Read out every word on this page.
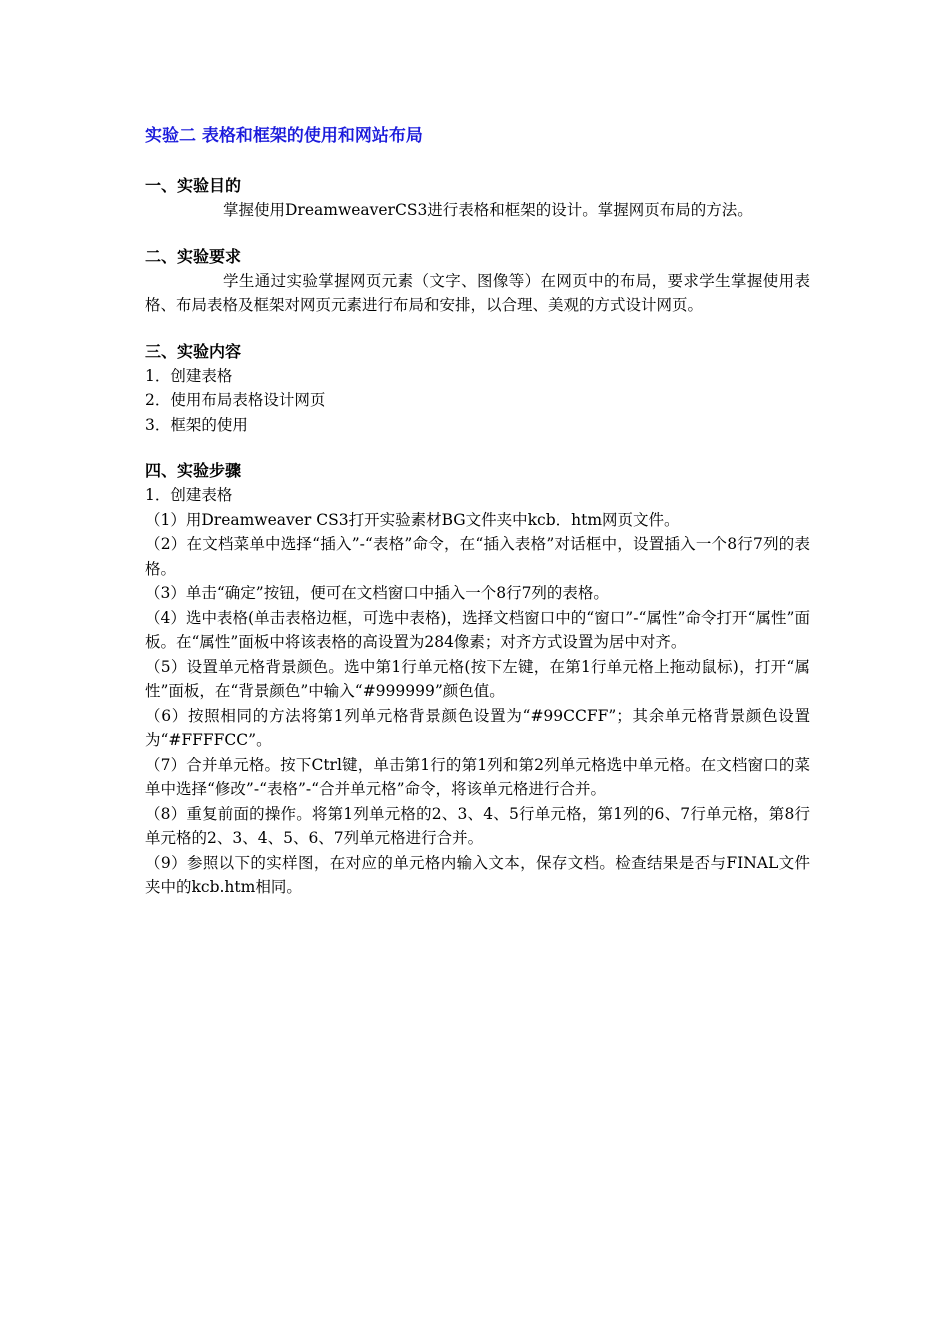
实验二 表格和框架的使用和网站布局
一、实验目的

掌握使用DreamweaverCS3进行表格和框架的设计。掌握网页布局的方法。

二、实验要求

学生通过实验掌握网页元素（文字、图像等）在网页中的布局，要求学生掌握使用表格、布局表格及框架对网页元素进行布局和安排，以合理、美观的方式设计网页。

三、实验内容
1．创建表格
2．使用布局表格设计网页
3．框架的使用
四、实验步骤
1．创建表格

（1）用Dreamweaver CS3打开实验素材BG文件夹中kcb．htm网页文件。

（2）在文档菜单中选择“插入”-“表格”命令，在“插入表格”对话框中，设置插入一个8行7列的表格。

（3）单击“确定”按钮，便可在文档窗口中插入一个8行7列的表格。

（4）选中表格(单击表格边框，可选中表格)，选择文档窗口中的“窗口”-“属性”命令打开“属性”面板。在“属性”面板中将该表格的高设置为284像素；对齐方式设置为居中对齐。

（5）设置单元格背景颜色。选中第1行单元格(按下左键，在第1行单元格上拖动鼠标)，打开“属性”面板，在“背景颜色”中输入“#999999”颜色值。

（6）按照相同的方法将第1列单元格背景颜色设置为“#99CCFF”；其余单元格背景颜色设置为“#FFFFCC”。

（7）合并单元格。按下Ctrl键，单击第1行的第1列和第2列单元格选中单元格。在文档窗口的菜单中选择“修改”-“表格”-“合并单元格”命令，将该单元格进行合并。

（8）重复前面的操作。将第1列单元格的2、3、4、5行单元格，第1列的6、7行单元格，第8行单元格的2、3、4、5、6、7列单元格进行合并。

（9）参照以下的实样图，在对应的单元格内输入文本，保存文档。检查结果是否与FINAL文件夹中的kcb.htm相同。
